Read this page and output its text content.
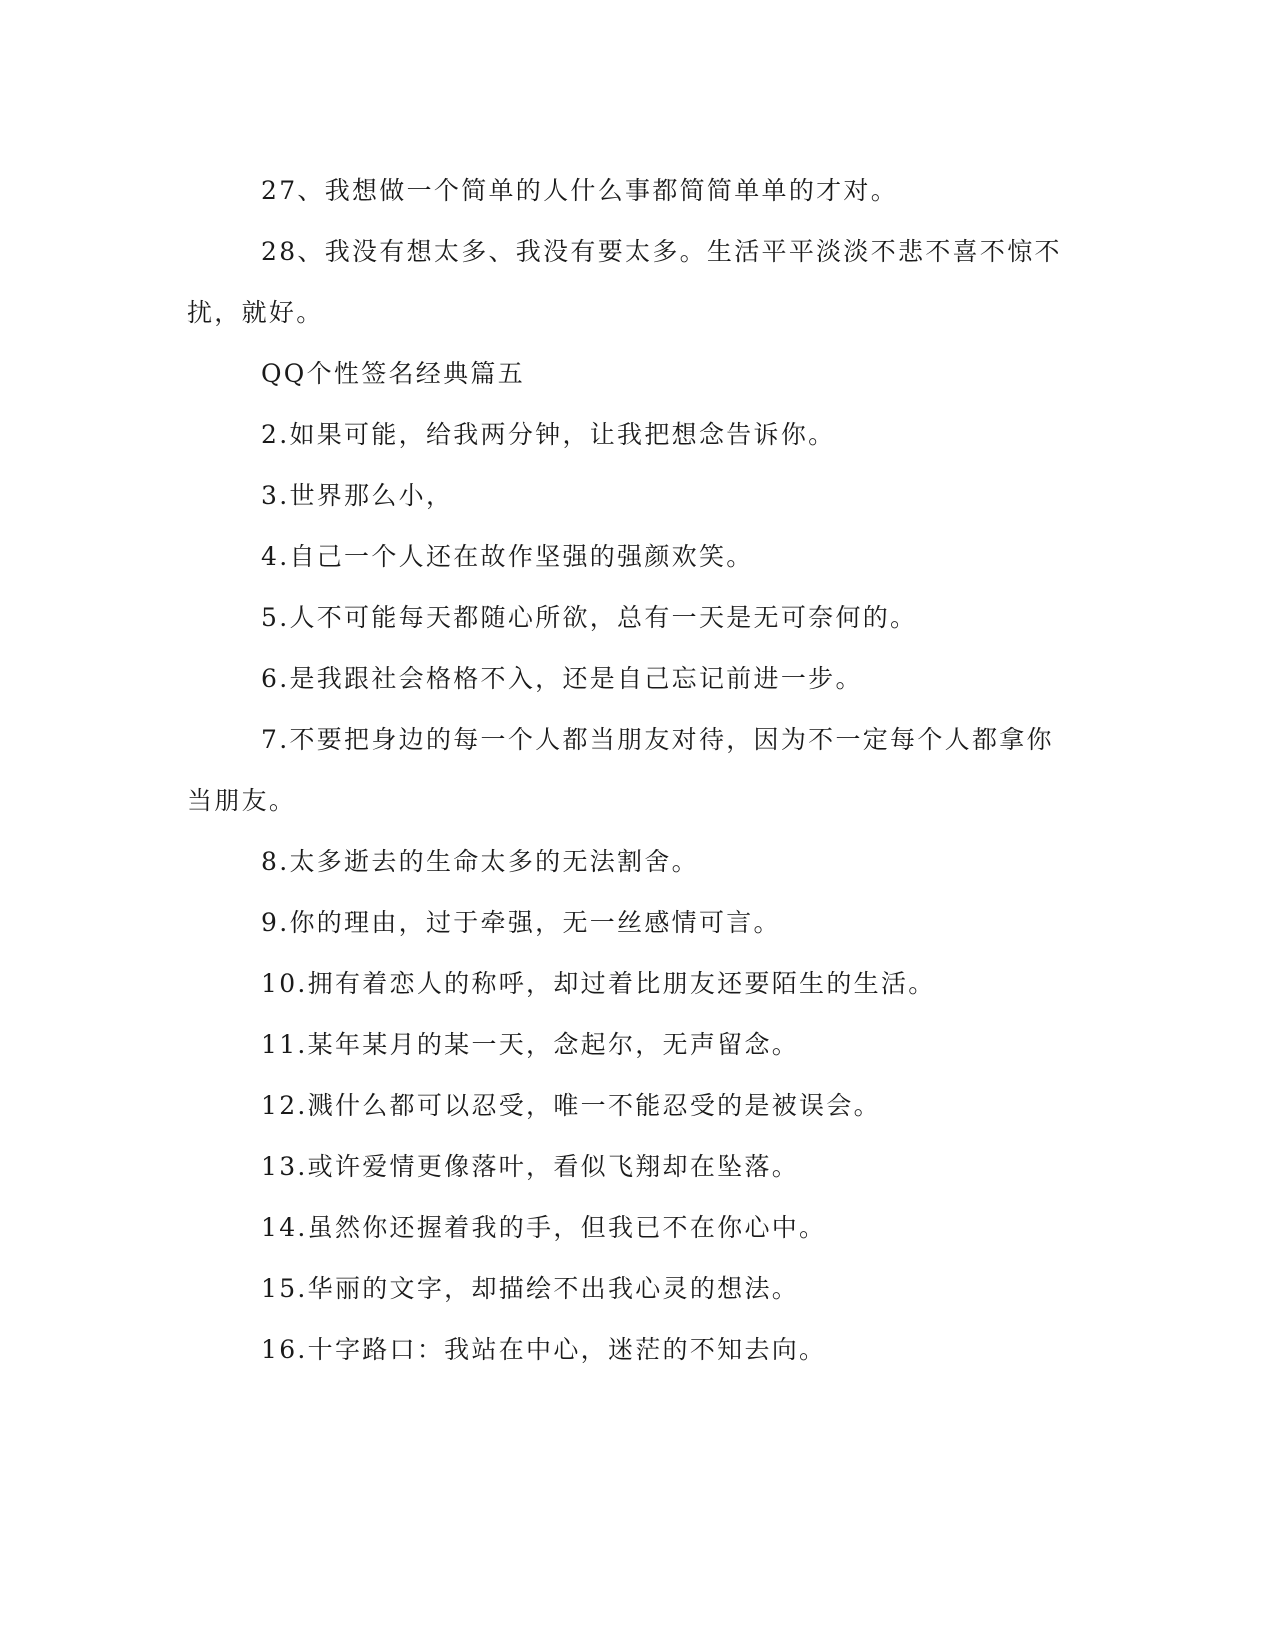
27、我想做一个简单的人什么事都简简单单的才对。

28、我没有想太多、我没有要太多。生活平平淡淡不悲不喜不惊不扰，就好。

QQ个性签名经典篇五

2.如果可能，给我两分钟，让我把想念告诉你。

3.世界那么小，

4.自己一个人还在故作坚强的强颜欢笑。

5.人不可能每天都随心所欲，总有一天是无可奈何的。

6.是我跟社会格格不入，还是自己忘记前进一步。

7.不要把身边的每一个人都当朋友对待，因为不一定每个人都拿你当朋友。

8.太多逝去的生命太多的无法割舍。

9.你的理由，过于牵强，无一丝感情可言。

10.拥有着恋人的称呼，却过着比朋友还要陌生的生活。

11.某年某月的某一天，念起尔，无声留念。

12.溅什么都可以忍受，唯一不能忍受的是被误会。

13.或许爱情更像落叶，看似飞翔却在坠落。

14.虽然你还握着我的手，但我已不在你心中。

15.华丽的文字，却描绘不出我心灵的想法。

16.十字路口：我站在中心，迷茫的不知去向。
